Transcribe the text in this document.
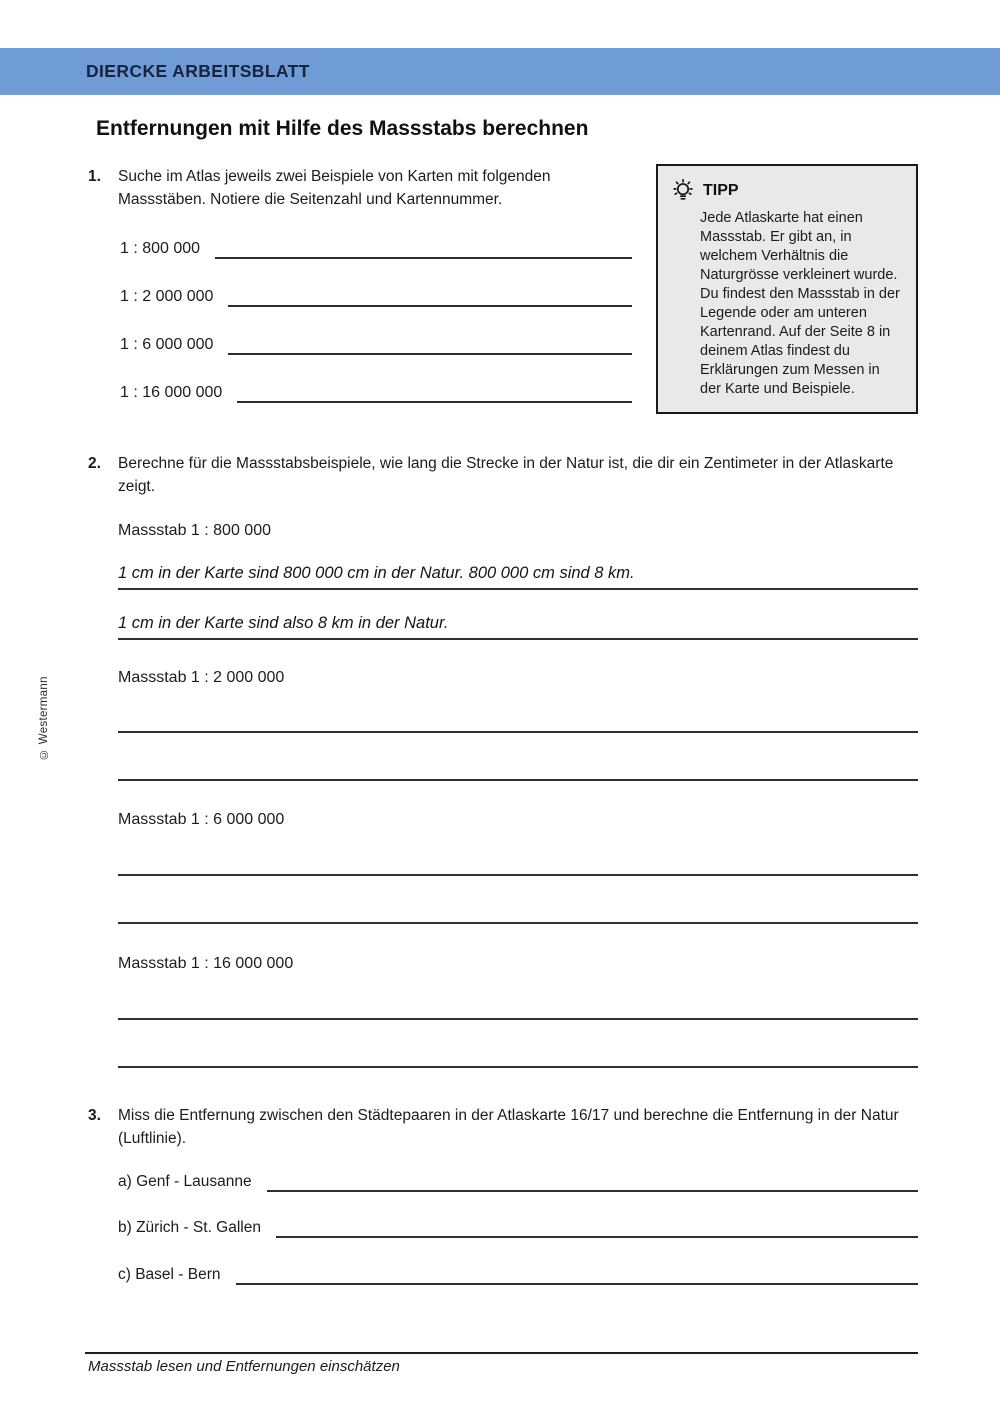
DIERCKE ARBEITSBLATT
Entfernungen mit Hilfe des Massstabs berechnen
1.	Suche im Atlas jeweils zwei Beispiele von Karten mit folgenden Massstäben. Notiere die Seitenzahl und Kartennummer.
1 : 800 000
1 : 2 000 000
1 : 6 000 000
1 : 16 000 000
TIPP
Jede Atlaskarte hat einen Massstab. Er gibt an, in welchem Verhältnis die Naturgrösse verkleinert wurde. Du findest den Massstab in der Legende oder am unteren Kartenrand. Auf der Seite 8 in deinem Atlas findest du Erklärungen zum Messen in der Karte und Beispiele.
2.	Berechne für die Massstabsbeispiele, wie lang die Strecke in der Natur ist, die dir ein Zentimeter in der Atlaskarte zeigt.
Massstab 1 : 800 000
1 cm in der Karte sind 800 000 cm in der Natur. 800 000 cm sind 8 km.
1 cm in der Karte sind also 8 km in der Natur.
Massstab 1 : 2 000 000
Massstab 1 : 6 000 000
Massstab 1 : 16 000 000
3.	Miss die Entfernung zwischen den Städtepaaren in der Atlaskarte 16/17 und berechne die Entfernung in der Natur (Luftlinie).
a) Genf - Lausanne
b) Zürich - St. Gallen
c) Basel - Bern
Massstab lesen und Entfernungen einschätzen
© Westermann
